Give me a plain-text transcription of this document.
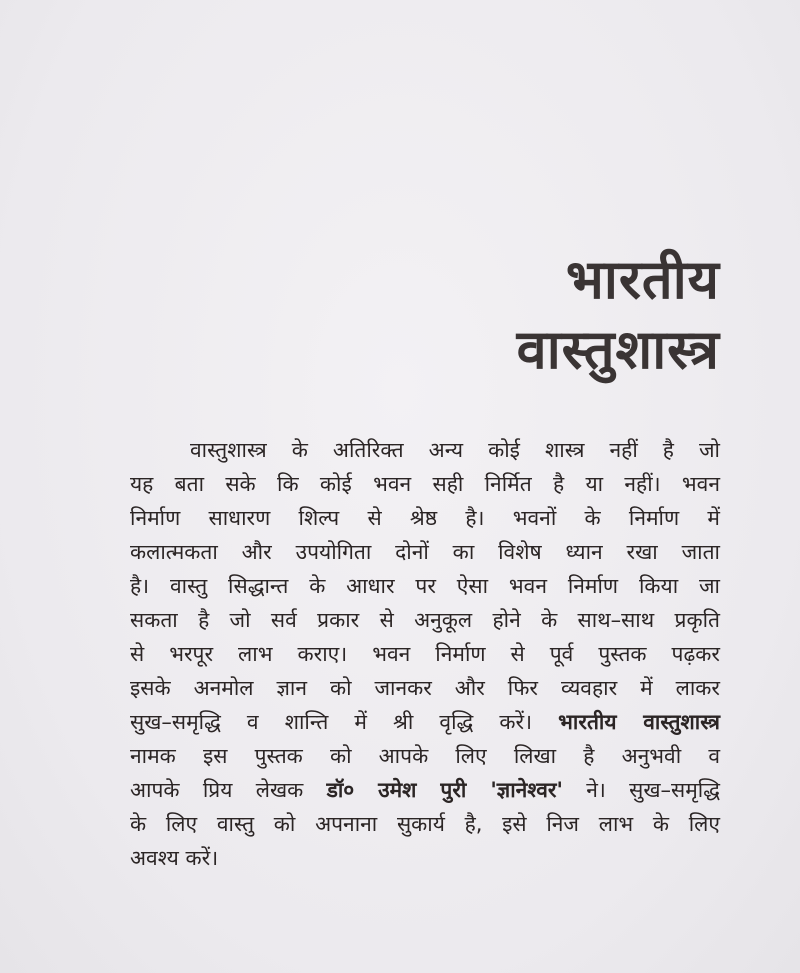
भारतीय
वास्तुशास्त्र
वास्तुशास्त्र के अतिरिक्त अन्य कोई शास्त्र नहीं है जो
यह बता सके कि कोई भवन सही निर्मित है या नहीं। भवन
निर्माण साधारण शिल्प से श्रेष्ठ है। भवनों के निर्माण में
कलात्मकता और उपयोगिता दोनों का विशेष ध्यान रखा जाता
है। वास्तु सिद्धान्त के आधार पर ऐसा भवन निर्माण किया जा
सकता है जो सर्व प्रकार से अनुकूल होने के साथ–साथ प्रकृति
से भरपूर लाभ कराए। भवन निर्माण से पूर्व पुस्तक पढ़कर
इसके अनमोल ज्ञान को जानकर और फिर व्यवहार में लाकर
सुख–समृद्धि व शान्ति में श्री वृद्धि करें। भारतीय वास्तुशास्त्र
नामक इस पुस्तक को आपके लिए लिखा है अनुभवी व
आपके प्रिय लेखक डॉ० उमेश पुरी 'ज्ञानेश्वर' ने। सुख–समृद्धि
के लिए वास्तु को अपनाना सुकार्य है, इसे निज लाभ के लिए
अवश्य करें।
